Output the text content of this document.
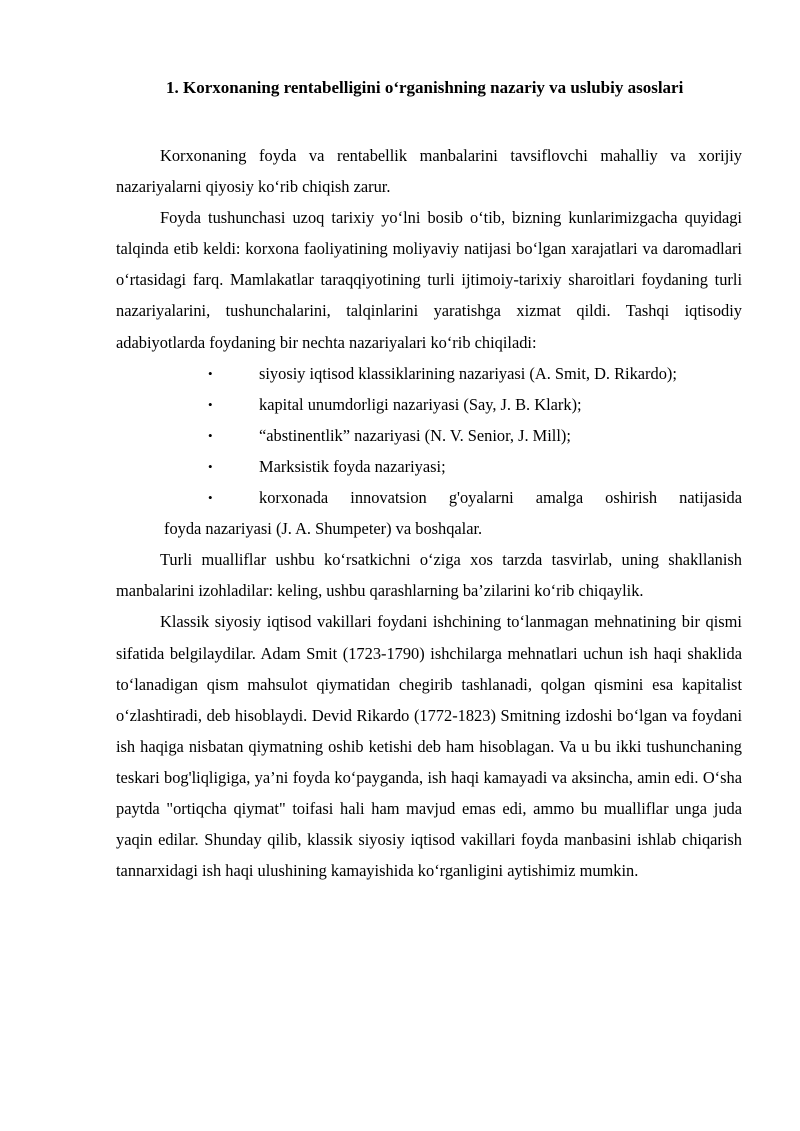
1. Korxonaning rentabelligini o‘rganishning nazariy va uslubiy asoslari

Korxonaning foyda va rentabellik manbalarini tavsiflovchi mahalliy va xorijiy nazariyalarni qiyosiy ko‘rib chiqish zarur.

Foyda tushunchasi uzoq tarixiy yo‘lni bosib o‘tib, bizning kunlarimizgacha quyidagi talqinda etib keldi: korxona faoliyatining moliyaviy natijasi bo‘lgan xarajatlari va daromadlari o‘rtasidagi farq. Mamlakatlar taraqqiyotining turli ijtimoiy-tarixiy sharoitlari foydaning turli nazariyalarini, tushunchalarini, talqinlarini yaratishga xizmat qildi. Tashqi iqtisodiy adabiyotlarda foydaning bir nechta nazariyalari ko‘rib chiqiladi:

•	siyosiy iqtisod klassiklarining nazariyasi (A. Smit, D. Rikardo);
•	kapital unumdorligi nazariyasi (Say, J. B. Klark);
•	“abstinentlik” nazariyasi (N. V. Senior, J. Mill);
•	Marksistik foyda nazariyasi;
•	korxonada innovatsion g'oyalarni amalga oshirish natijasida
foyda nazariyasi (J. A. Shumpeter) va boshqalar.

Turli mualliflar ushbu ko‘rsatkichni o‘ziga xos tarzda tasvirlab, uning shakllanish manbalarini izohladilar: keling, ushbu qarashlarning ba’zilarini ko‘rib chiqaylik.

Klassik siyosiy iqtisod vakillari foydani ishchining to‘lanmagan mehnatining bir qismi sifatida belgilaydilar. Adam Smit (1723-1790) ishchilarga mehnatlari uchun ish haqi shaklida to‘lanadigan qism mahsulot qiymatidan chegirib tashlanadi, qolgan qismini esa kapitalist o‘zlashtiradi, deb hisoblaydi. Devid Rikardo (1772-1823) Smitning izdoshi bo‘lgan va foydani ish haqiga nisbatan qiymatning oshib ketishi deb ham hisoblagan. Va u bu ikki tushunchaning teskari bog'liqligiga, ya’ni foyda ko‘payganda, ish haqi kamayadi va aksincha, amin edi. O‘sha paytda "ortiqcha qiymat" toifasi hali ham mavjud emas edi, ammo bu mualliflar unga juda yaqin edilar. Shunday qilib, klassik siyosiy iqtisod vakillari foyda manbasini ishlab chiqarish tannarxidagi ish haqi ulushining kamayishida ko‘rganligini aytishimiz mumkin.
